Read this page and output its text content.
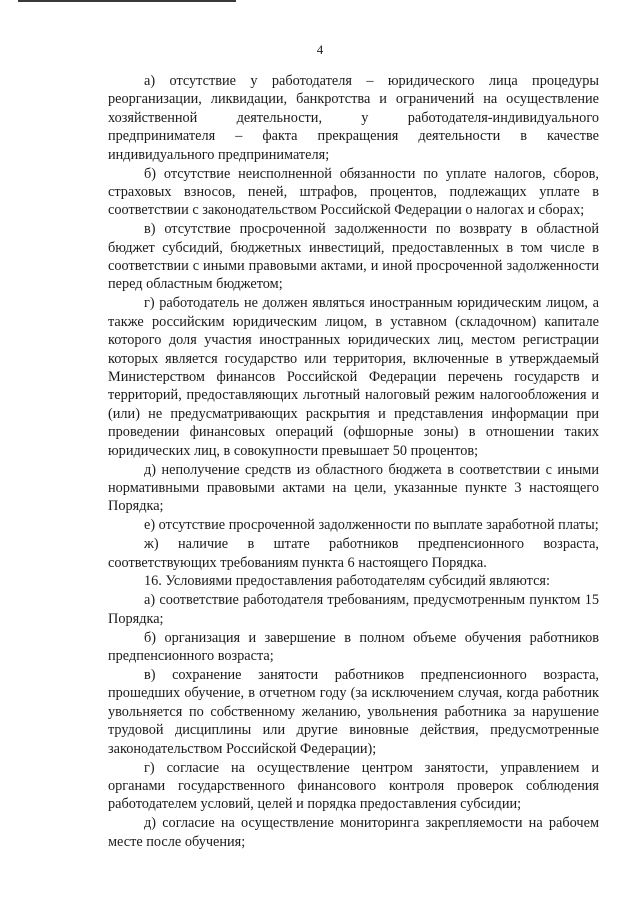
4

а) отсутствие у работодателя – юридического лица процедуры реорганизации, ликвидации, банкротства и ограничений на осуществление хозяйственной деятельности, у работодателя-индивидуального предпринимателя – факта прекращения деятельности в качестве индивидуального предпринимателя;

б) отсутствие неисполненной обязанности по уплате налогов, сборов, страховых взносов, пеней, штрафов, процентов, подлежащих уплате в соответствии с законодательством Российской Федерации о налогах и сборах;

в) отсутствие просроченной задолженности по возврату в областной бюджет субсидий, бюджетных инвестиций, предоставленных в том числе в соответствии с иными правовыми актами, и иной просроченной задолженности перед областным бюджетом;

г) работодатель не должен являться иностранным юридическим лицом, а также российским юридическим лицом, в уставном (складочном) капитале которого доля участия иностранных юридических лиц, местом регистрации которых является государство или территория, включенные в утверждаемый Министерством финансов Российской Федерации перечень государств и территорий, предоставляющих льготный налоговый режим налогообложения и (или) не предусматривающих раскрытия и представления информации при проведении финансовых операций (офшорные зоны) в отношении таких юридических лиц, в совокупности превышает 50 процентов;

д) неполучение средств из областного бюджета в соответствии с иными нормативными правовыми актами на цели, указанные пункте 3 настоящего Порядка;

е) отсутствие просроченной задолженности по выплате заработной платы;

ж) наличие в штате работников предпенсионного возраста, соответствующих требованиям пункта 6 настоящего Порядка.

16. Условиями предоставления работодателям субсидий являются:

а) соответствие работодателя требованиям, предусмотренным пунктом 15 Порядка;

б) организация и завершение в полном объеме обучения работников предпенсионного возраста;

в) сохранение занятости работников предпенсионного возраста, прошедших обучение, в отчетном году (за исключением случая, когда работник увольняется по собственному желанию, увольнения работника за нарушение трудовой дисциплины или другие виновные действия, предусмотренные законодательством Российской Федерации);

г) согласие на осуществление центром занятости, управлением и органами государственного финансового контроля проверок соблюдения работодателем условий, целей и порядка предоставления субсидии;

д) согласие на осуществление мониторинга закрепляемости на рабочем месте после обучения;
